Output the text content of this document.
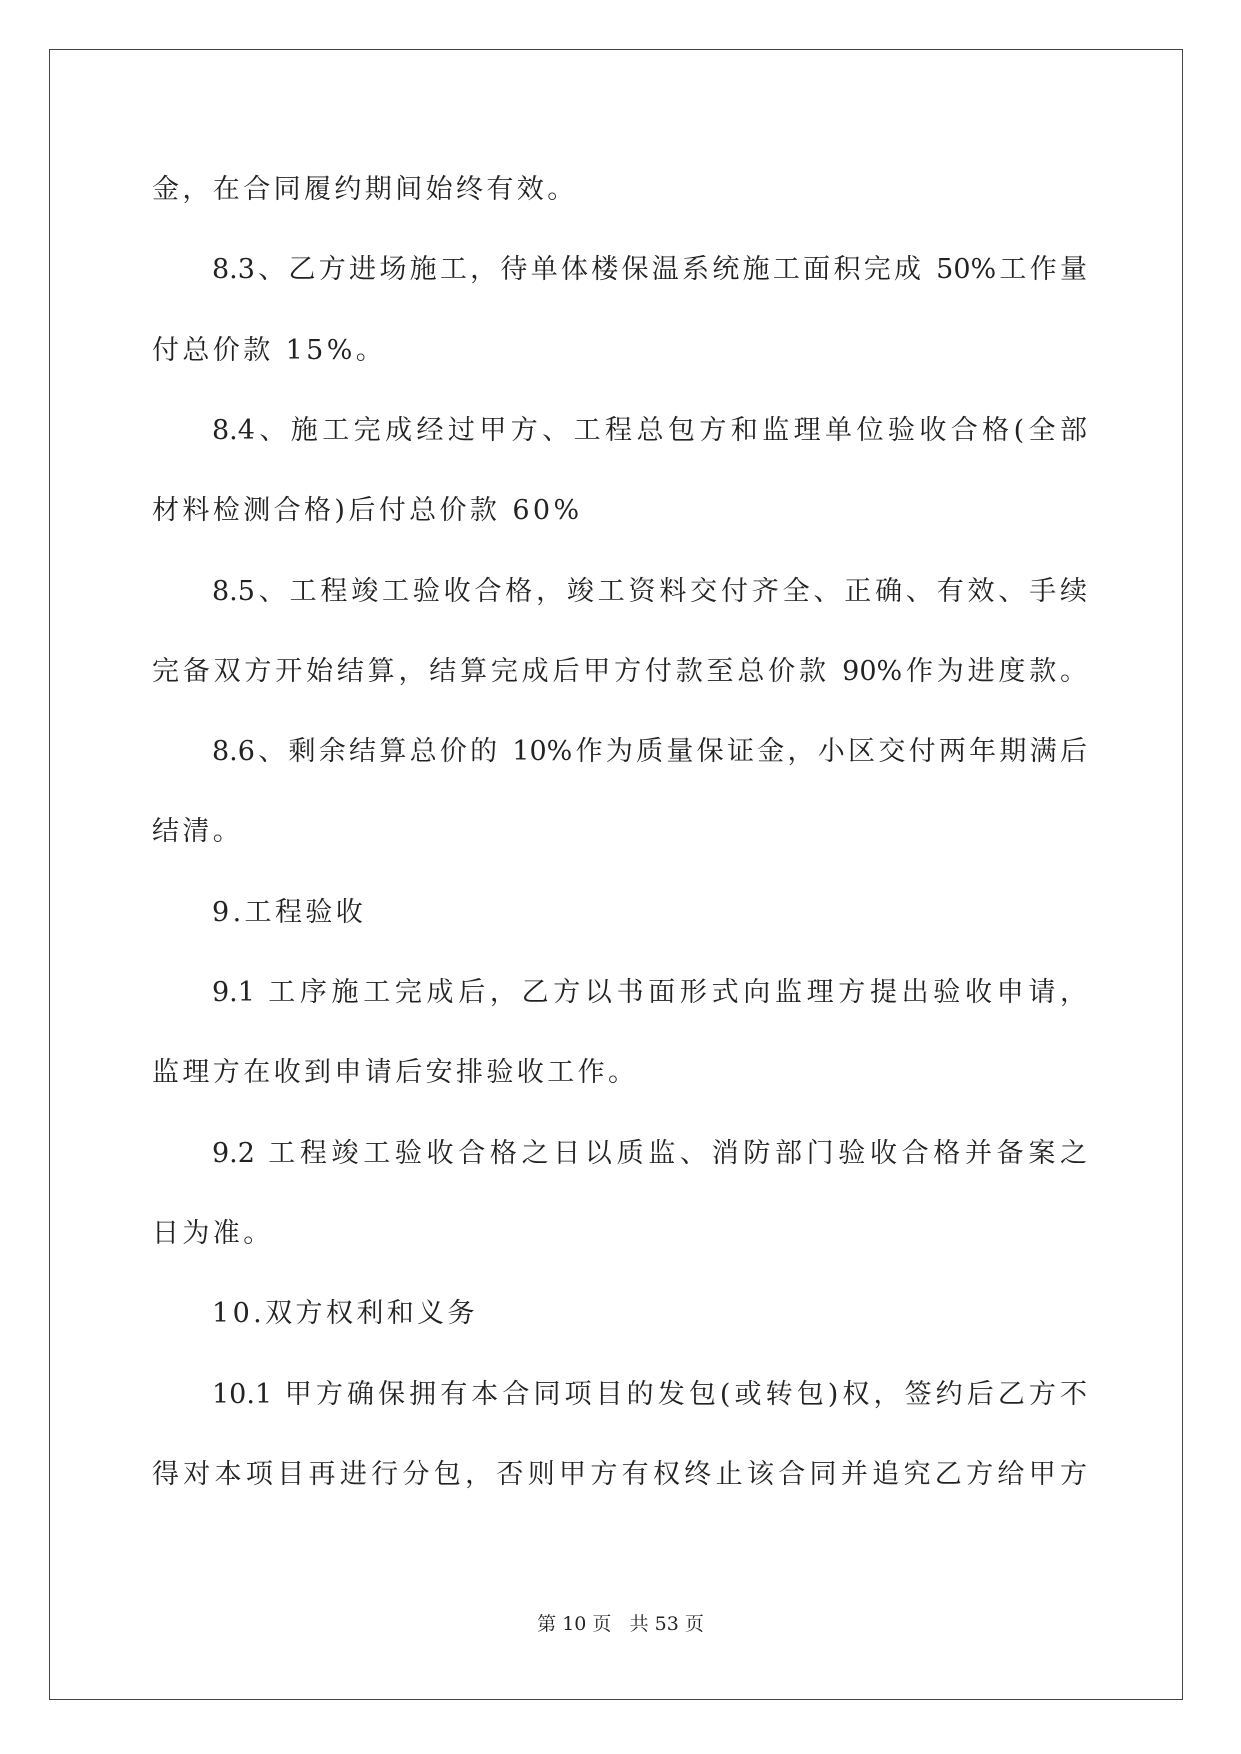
金，在合同履约期间始终有效。
8.3、乙方进场施工，待单体楼保温系统施工面积完成 50%工作量
付总价款 15%。
8.4、施工完成经过甲方、工程总包方和监理单位验收合格(全部
材料检测合格)后付总价款 60%
8.5、工程竣工验收合格，竣工资料交付齐全、正确、有效、手续
完备双方开始结算，结算完成后甲方付款至总价款 90%作为进度款。
8.6、剩余结算总价的 10%作为质量保证金，小区交付两年期满后
结清。
9.工程验收
9.1 工序施工完成后，乙方以书面形式向监理方提出验收申请，
监理方在收到申请后安排验收工作。
9.2 工程竣工验收合格之日以质监、消防部门验收合格并备案之
日为准。
10.双方权利和义务
10.1 甲方确保拥有本合同项目的发包(或转包)权，签约后乙方不
得对本项目再进行分包，否则甲方有权终止该合同并追究乙方给甲方
第 10 页 共 53 页
